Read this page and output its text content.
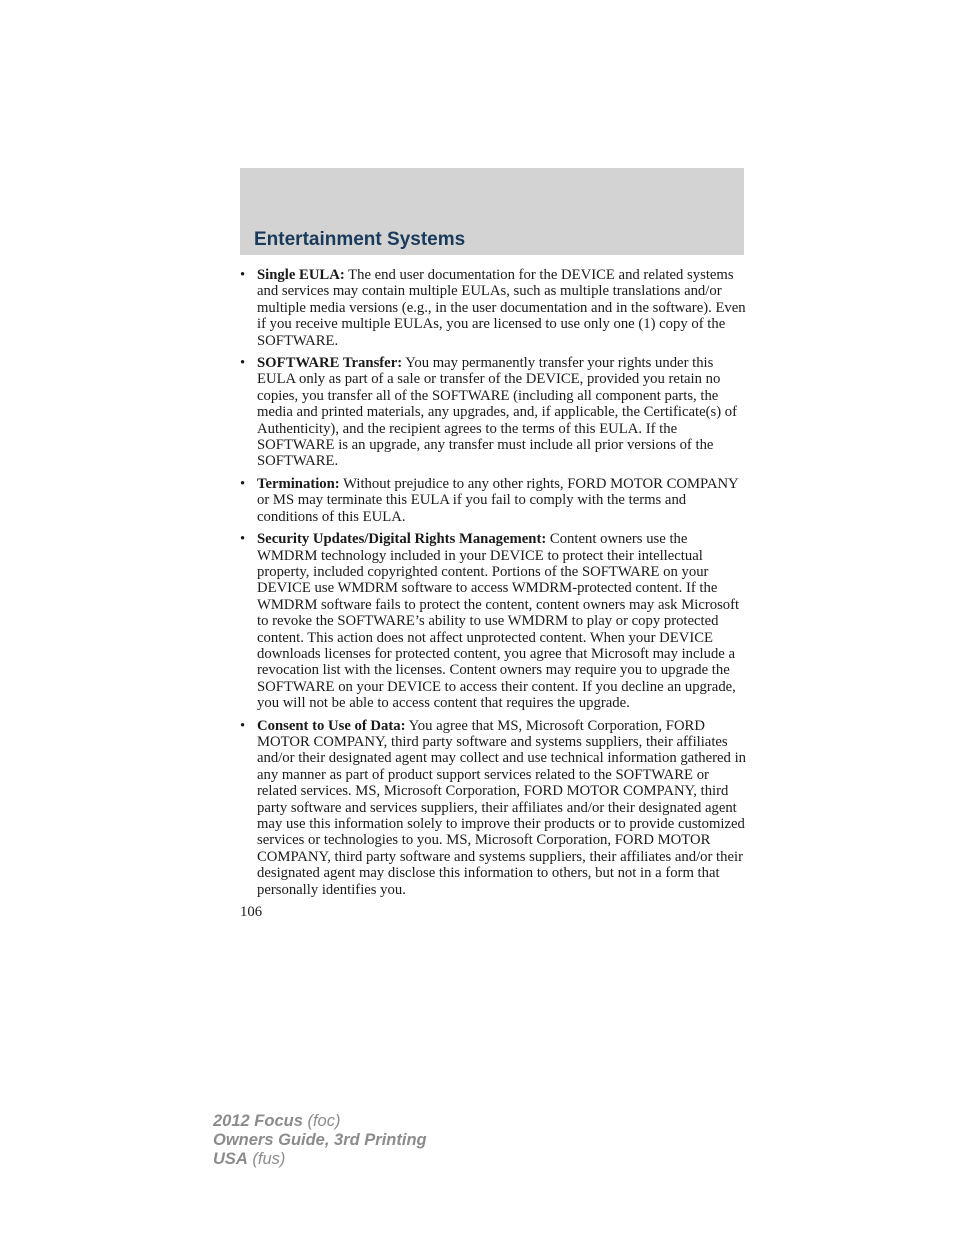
Entertainment Systems
• Single EULA: The end user documentation for the DEVICE and related systems and services may contain multiple EULAs, such as multiple translations and/or multiple media versions (e.g., in the user documentation and in the software). Even if you receive multiple EULAs, you are licensed to use only one (1) copy of the SOFTWARE.
• SOFTWARE Transfer: You may permanently transfer your rights under this EULA only as part of a sale or transfer of the DEVICE, provided you retain no copies, you transfer all of the SOFTWARE (including all component parts, the media and printed materials, any upgrades, and, if applicable, the Certificate(s) of Authenticity), and the recipient agrees to the terms of this EULA. If the SOFTWARE is an upgrade, any transfer must include all prior versions of the SOFTWARE.
• Termination: Without prejudice to any other rights, FORD MOTOR COMPANY or MS may terminate this EULA if you fail to comply with the terms and conditions of this EULA.
• Security Updates/Digital Rights Management: Content owners use the WMDRM technology included in your DEVICE to protect their intellectual property, included copyrighted content. Portions of the SOFTWARE on your DEVICE use WMDRM software to access WMDRM-protected content. If the WMDRM software fails to protect the content, content owners may ask Microsoft to revoke the SOFTWARE’s ability to use WMDRM to play or copy protected content. This action does not affect unprotected content. When your DEVICE downloads licenses for protected content, you agree that Microsoft may include a revocation list with the licenses. Content owners may require you to upgrade the SOFTWARE on your DEVICE to access their content. If you decline an upgrade, you will not be able to access content that requires the upgrade.
• Consent to Use of Data: You agree that MS, Microsoft Corporation, FORD MOTOR COMPANY, third party software and systems suppliers, their affiliates and/or their designated agent may collect and use technical information gathered in any manner as part of product support services related to the SOFTWARE or related services. MS, Microsoft Corporation, FORD MOTOR COMPANY, third party software and services suppliers, their affiliates and/or their designated agent may use this information solely to improve their products or to provide customized services or technologies to you. MS, Microsoft Corporation, FORD MOTOR COMPANY, third party software and systems suppliers, their affiliates and/or their designated agent may disclose this information to others, but not in a form that personally identifies you.
106
2012 Focus (foc)
Owners Guide, 3rd Printing
USA (fus)
